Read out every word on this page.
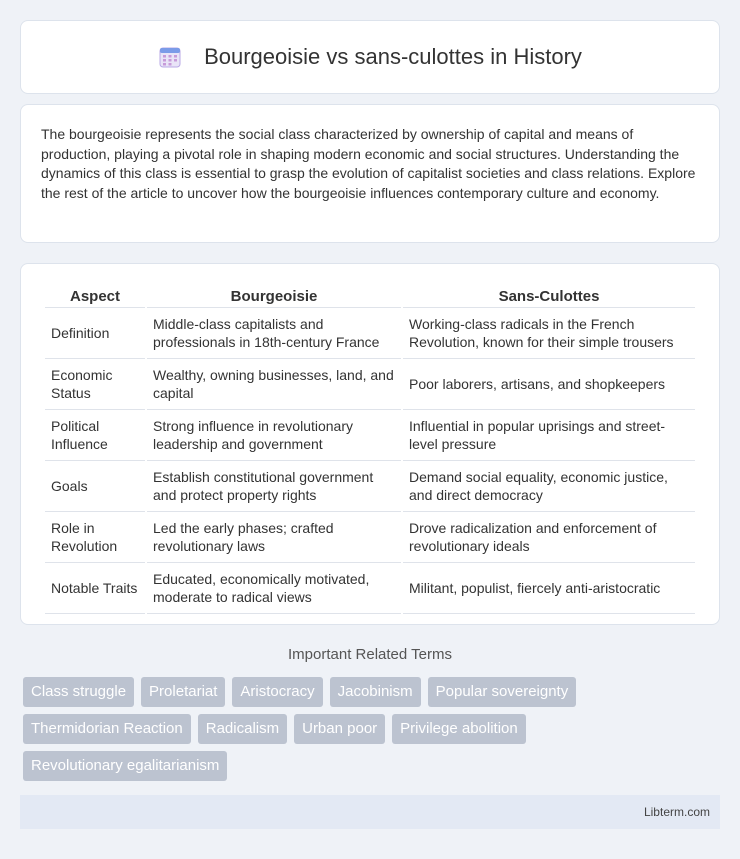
Bourgeoisie vs sans-culottes in History

The bourgeoisie represents the social class characterized by ownership of capital and means of production, playing a pivotal role in shaping modern economic and social structures. Understanding the dynamics of this class is essential to grasp the evolution of capitalist societies and class relations. Explore the rest of the article to uncover how the bourgeoisie influences contemporary culture and economy.

Aspect	Bourgeoisie	Sans-Culottes
Definition	Middle-class capitalists and professionals in 18th-century France	Working-class radicals in the French Revolution, known for their simple trousers
Economic Status	Wealthy, owning businesses, land, and capital	Poor laborers, artisans, and shopkeepers
Political Influence	Strong influence in revolutionary leadership and government	Influential in popular uprisings and street-level pressure
Goals	Establish constitutional government and protect property rights	Demand social equality, economic justice, and direct democracy
Role in Revolution	Led the early phases; crafted revolutionary laws	Drove radicalization and enforcement of revolutionary ideals
Notable Traits	Educated, economically motivated, moderate to radical views	Militant, populist, fiercely anti-aristocratic
Important Related Terms
Class struggle	Proletariat	Aristocracy	Jacobinism	Popular sovereignty
Thermidorian Reaction	Radicalism	Urban poor	Privilege abolition
Revolutionary egalitarianism
Libterm.com
